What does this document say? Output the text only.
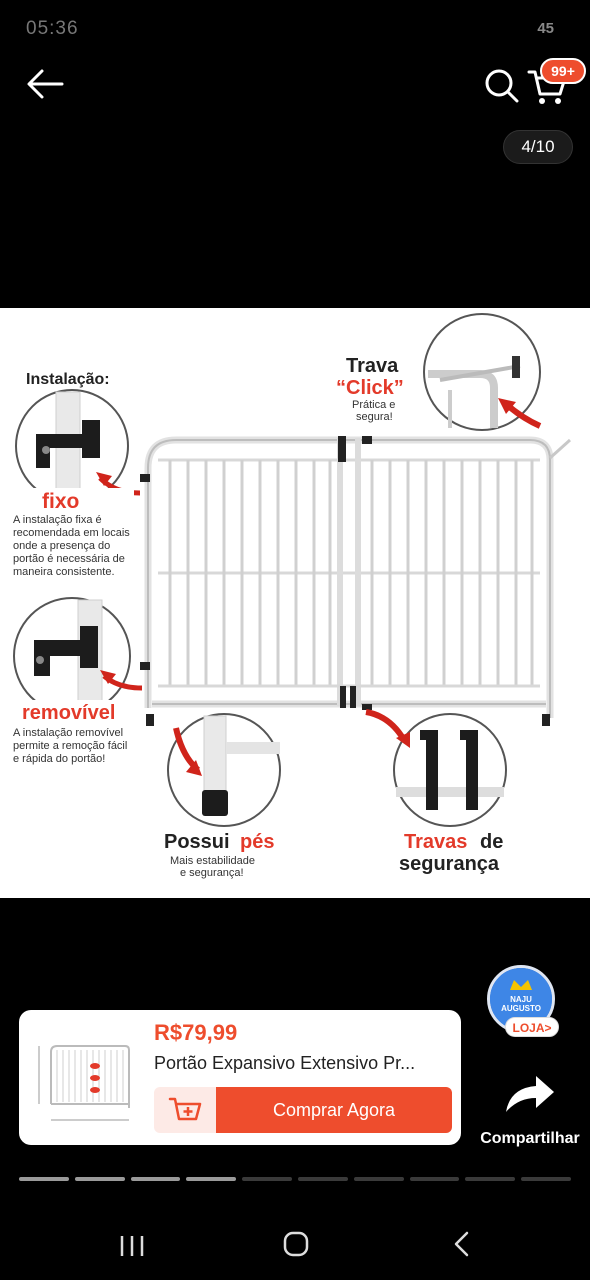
05:36	45
99+
4/10
Instalação:
fixo
A instalação fixa é
recomendada em locais
onde a presença do
portão é necessária de
maneira consistente.
removível
A instalação removível
permite a remoção fácil
e rápida do portão!
Trava
“Click”
Prática e
segura!
Possui pés
Mais estabilidade
e segurança!
Travas de
segurança
NAJU AUGUSTO
LOJA>
R$79,99
Portão Expansivo Extensivo Pr...
Comprar Agora
Compartilhar
